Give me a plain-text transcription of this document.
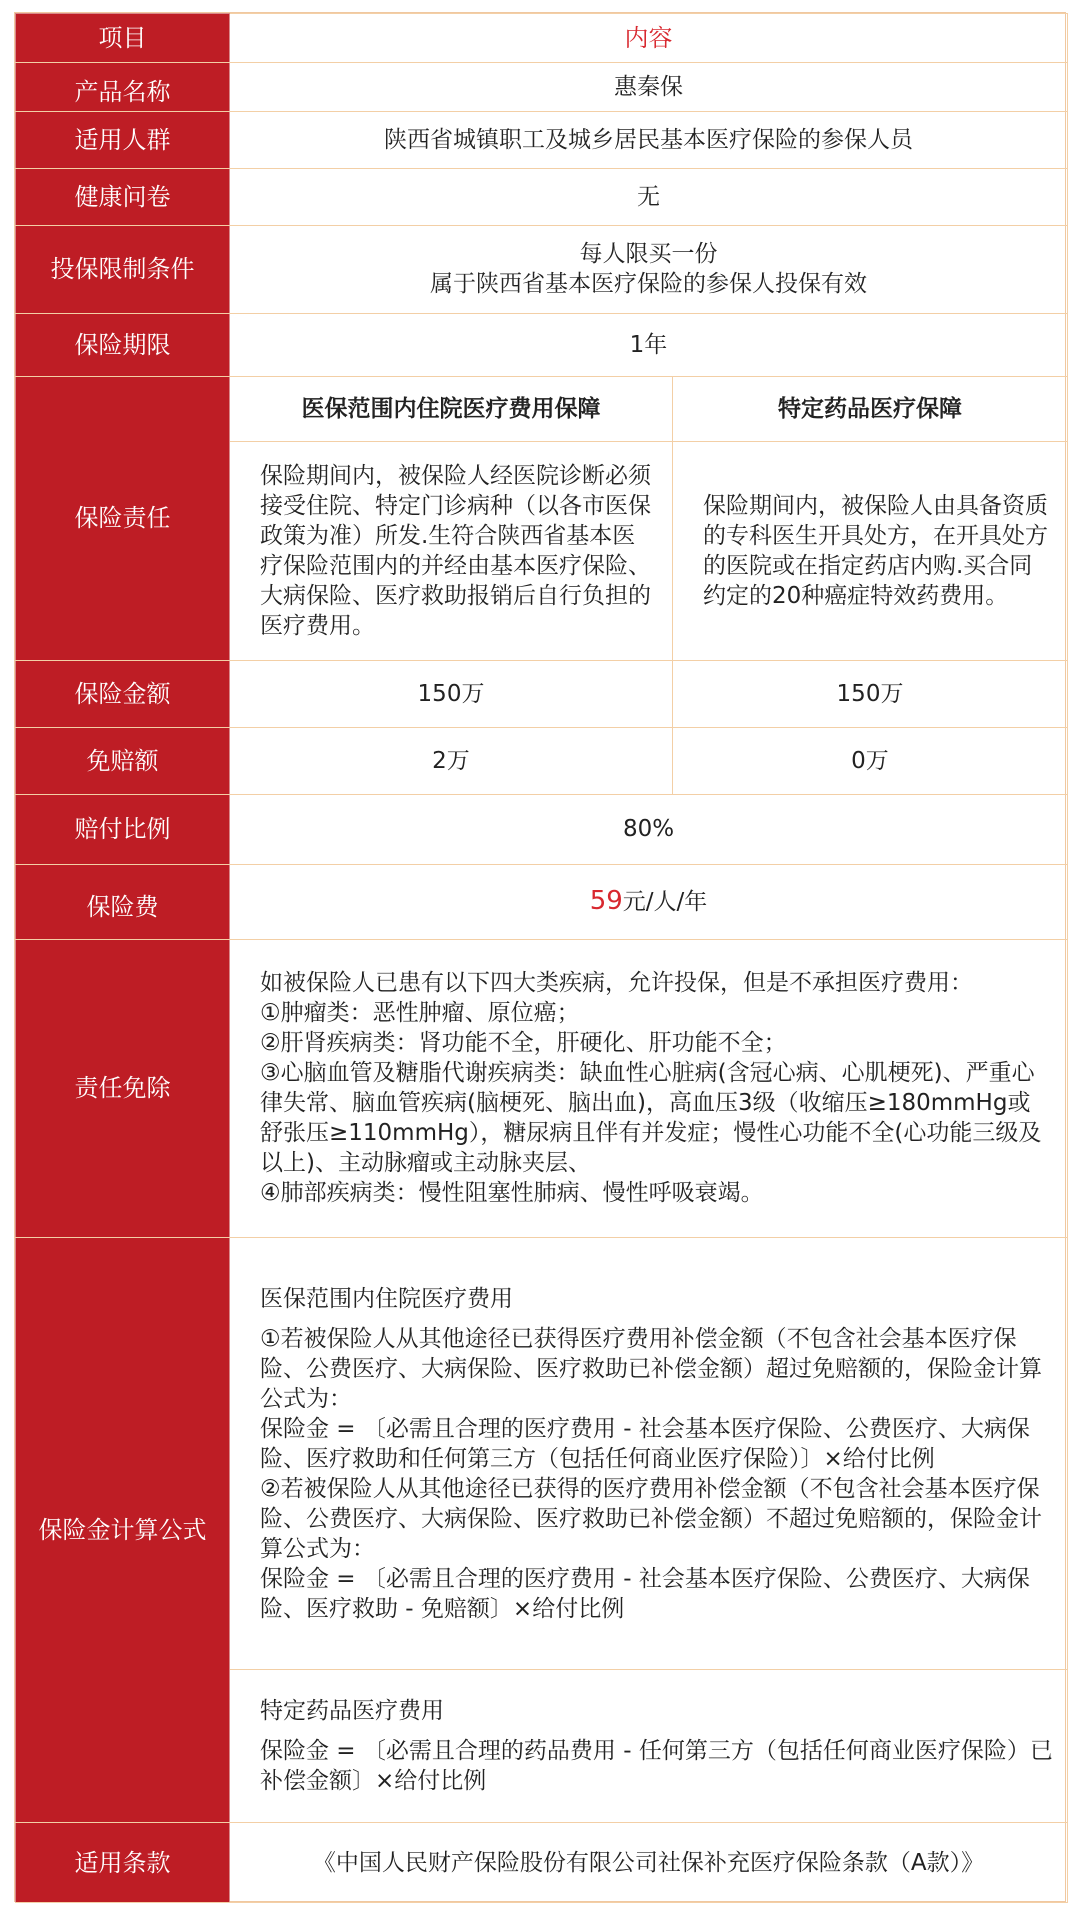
项目	内容	
产品名称	惠秦保	
适用人群	陕西省城镇职工及城乡居民基本医疗保险的参保人员	
健康问卷	无	
投保限制条件	每人限买一份
属于陕西省基本医疗保险的参保人投保有效	

保险期限	1年	
保险责任	医保范围内住院医疗费用保障	特定药品医疗保障
	保险期间内，被保险人经医院诊断必须接受住院、特定门诊病种（以各市医保政策为准）所发.生符合陕西省基本医疗保险范围内的并经由基本医疗保险、大病保险、医疗救助报销后自行负担的医疗费用。	保险期间内，被保险人由具备资质的专科医生开具处方，在开具处方的医院或在指定药店内购.买合同约定的20种癌症特效药费用。
保险金额	150万	150万
免赔额	2万	0万
赔付比例	80%	
保险费	59元/人/年	
责任免除	如被保险人已患有以下四大类疾病，允许投保，但是不承担医疗费用：
①肿瘤类：恶性肿瘤、原位癌；
②肝肾疾病类：肾功能不全，肝硬化、肝功能不全；
③心脑血管及糖脂代谢疾病类：缺血性心脏病(含冠心病、心肌梗死)、严重心律失常、脑血管疾病(脑梗死、脑出血)，高血压3级（收缩压≥180mmHg或舒张压≥110mmHg），糖尿病且伴有并发症；慢性心功能不全(心功能三级及以上)、主动脉瘤或主动脉夹层、
④肺部疾病类：慢性阻塞性肺病、慢性呼吸衰竭。	

保险金计算公式	医保范围内住院医疗费用
①若被保险人从其他途径已获得医疗费用补偿金额（不包含社会基本医疗保险、公费医疗、大病保险、医疗救助已补偿金额）超过免赔额的，保险金计算公式为：
保险金 = 〔必需且合理的医疗费用 - 社会基本医疗保险、公费医疗、大病保险、医疗救助和任何第三方（包括任何商业医疗保险）〕×给付比例
②若被保险人从其他途径已获得的医疗费用补偿金额（不包含社会基本医疗保险、公费医疗、大病保险、医疗救助已补偿金额）不超过免赔额的，保险金计算公式为：
保险金 = 〔必需且合理的医疗费用 - 社会基本医疗保险、公费医疗、大病保险、医疗救助 - 免赔额〕×给付比例	

	特定药品医疗费用
保险金 = 〔必需且合理的药品费用 - 任何第三方（包括任何商业医疗保险）已补偿金额〕×给付比例	

适用条款	《中国人民财产保险股份有限公司社保补充医疗保险条款（A款）》	
